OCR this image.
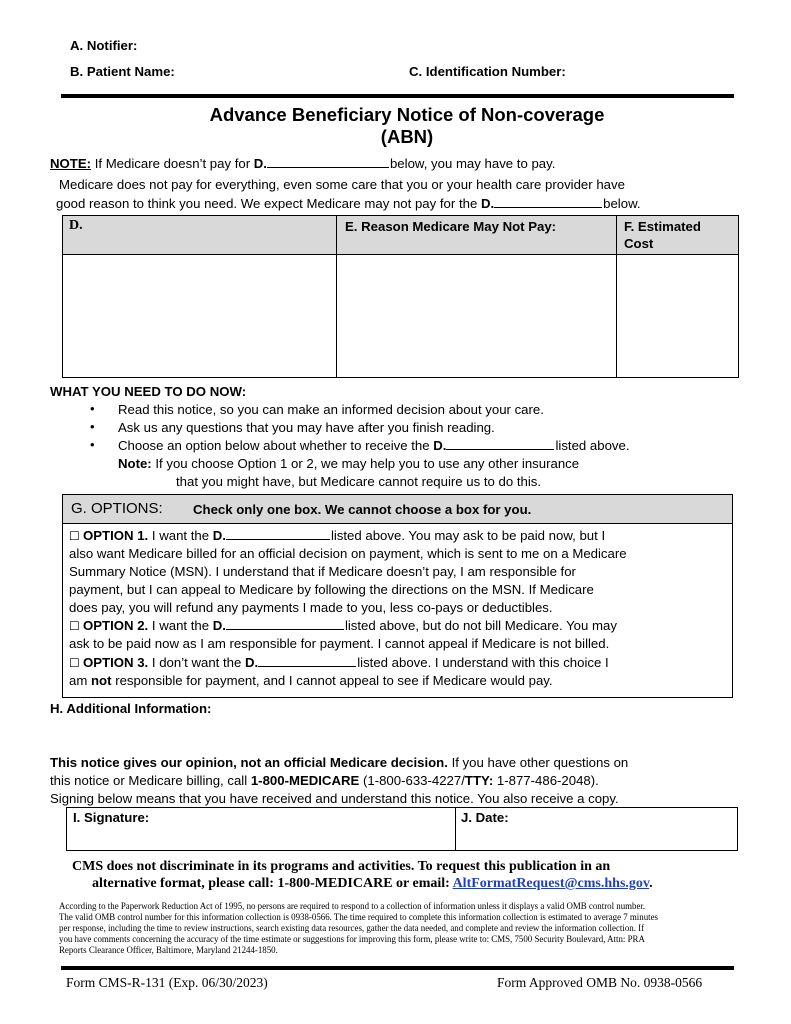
A. Notifier:
B. Patient Name:	C. Identification Number:
Advance Beneficiary Notice of Non-coverage
(ABN)
NOTE: If Medicare doesn’t pay for D.	below, you may have to pay.
Medicare does not pay for everything, even some care that you or your health care provider have
good reason to think you need. We expect Medicare may not pay for the D.	below.
D.	E. Reason Medicare May Not Pay:	F. Estimated
Cost
WHAT YOU NEED TO DO NOW:
• Read this notice, so you can make an informed decision about your care.
• Ask us any questions that you may have after you finish reading.
• Choose an option below about whether to receive the D.	listed above.
Note: If you choose Option 1 or 2, we may help you to use any other insurance
that you might have, but Medicare cannot require us to do this.
G. OPTIONS: Check only one box. We cannot choose a box for you.
☐ OPTION 1. I want the D.	listed above. You may ask to be paid now, but I
also want Medicare billed for an official decision on payment, which is sent to me on a Medicare
Summary Notice (MSN). I understand that if Medicare doesn’t pay, I am responsible for
payment, but I can appeal to Medicare by following the directions on the MSN. If Medicare
does pay, you will refund any payments I made to you, less co-pays or deductibles.
☐ OPTION 2. I want the D.	listed above, but do not bill Medicare. You may
ask to be paid now as I am responsible for payment. I cannot appeal if Medicare is not billed.
☐ OPTION 3. I don’t want the D.	listed above. I understand with this choice I
am not responsible for payment, and I cannot appeal to see if Medicare would pay.
H. Additional Information:
This notice gives our opinion, not an official Medicare decision. If you have other questions on
this notice or Medicare billing, call 1-800-MEDICARE (1-800-633-4227/TTY: 1-877-486-2048).
Signing below means that you have received and understand this notice. You also receive a copy.
I. Signature:	J. Date:
CMS does not discriminate in its programs and activities. To request this publication in an
alternative format, please call: 1-800-MEDICARE or email: AltFormatRequest@cms.hhs.gov.
According to the Paperwork Reduction Act of 1995, no persons are required to respond to a collection of information unless it displays a valid OMB control number.
The valid OMB control number for this information collection is 0938-0566. The time required to complete this information collection is estimated to average 7 minutes
per response, including the time to review instructions, search existing data resources, gather the data needed, and complete and review the information collection. If
you have comments concerning the accuracy of the time estimate or suggestions for improving this form, please write to: CMS, 7500 Security Boulevard, Attn: PRA
Reports Clearance Officer, Baltimore, Maryland 21244-1850.
Form CMS-R-131 (Exp. 06/30/2023)	Form Approved OMB No. 0938-0566
